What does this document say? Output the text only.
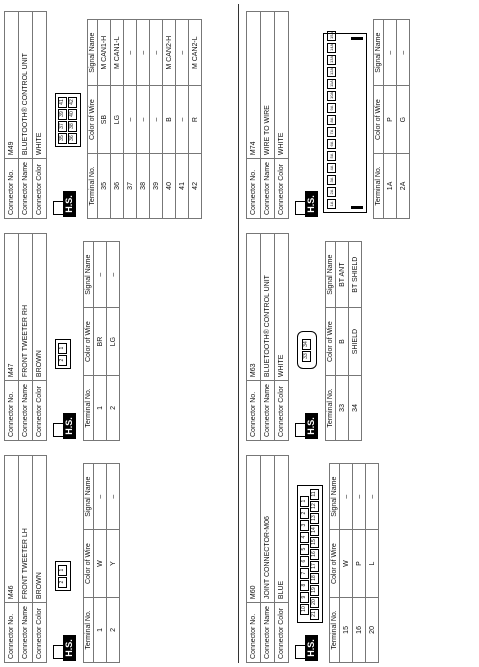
Connector No.	M46
Connector Name	FRONT TWEETER LH
Connector Color	BROWN
H.S.

2
1
Terminal No.	Color of Wire	Signal Name
1	W	–
2	Y	–
Connector No.	M47
Connector Name	FRONT TWEETER RH
Connector Color	BROWN
H.S.

2
1
Terminal No.	Color of Wire	Signal Name
1	BR	–
2	LG	–
Connector No.	M49
Connector Name	BLUETOOTH® CONTROL UNIT
Connector Color	WHITE
H.S.

35
37
39
41
36
38
40
42
Terminal No.	Color of Wire	Signal Name
35	SB	M CAN1-H
36	LG	M CAN1-L
37	–	–
38	–	–
39	–	–
40	B	M CAN2-H
41	–	–
42	R	M CAN2-L
Connector No.	M60
Connector Name	JOINT CONNECTOR-M06
Connector Color	BLUE
H.S.

10
9
8
7
6
5
4
3
2
1
21
20
19
18
17
16
15
14
13
12
11
Terminal No.	Color of Wire	Signal Name
15	W	–
16	P	–
20	L	–
Connector No.	M63
Connector Name	BLUETOOTH® CONTROL UNIT
Connector Color	WHITE
H.S.

33
34
Terminal No.	Color of Wire	Signal Name
33	B	BT ANT
34	SHIELD	BT SHIELD
Connector No.	M74
Connector Name	WIRE TO WIRE
Connector Color	WHITE
H.S.
	1A
2A
3A
4A
5A
6A
7A
8A
9A
10A
11A
12A
13A
14A
15A
Terminal No.	Color of Wire	Signal Name
1A	P	–
2A	G	–
